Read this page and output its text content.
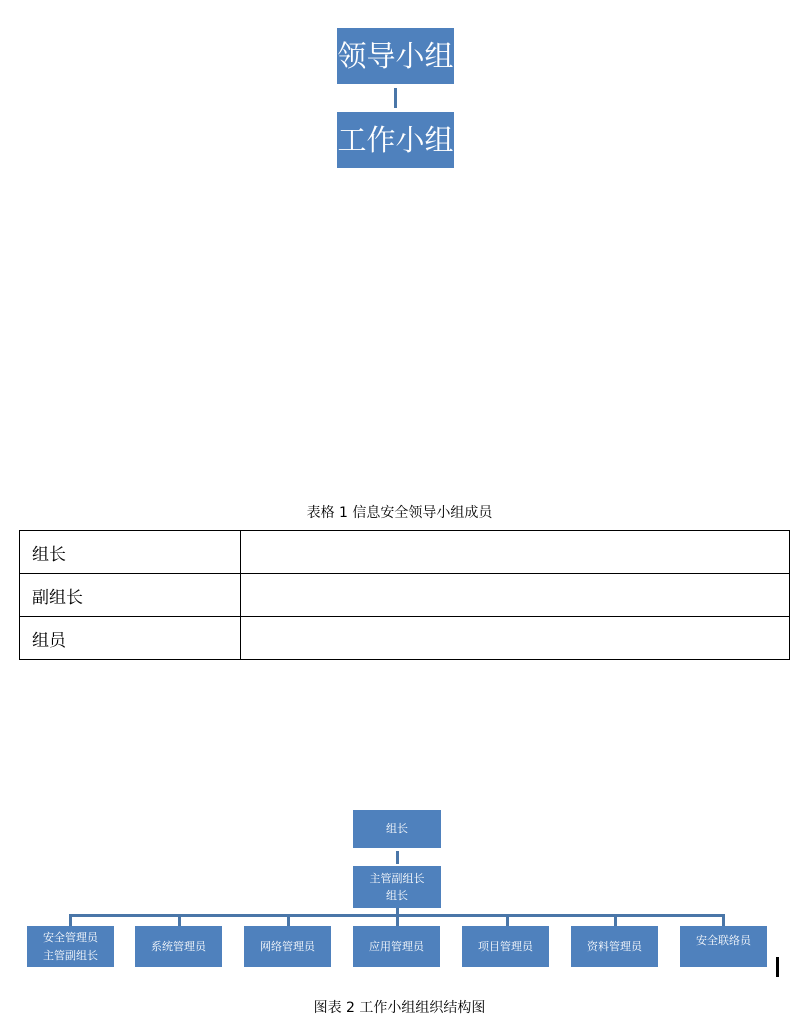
领导小组
工作小组
表格 1 信息安全领导小组成员
组长	
副组长	
组员	
组长
主管副组长
组长
安全管理员
主管副组长
系统管理员	网络管理员	应用管理员	项目管理员	资料管理员	安全联络员
图表 2 工作小组组织结构图
